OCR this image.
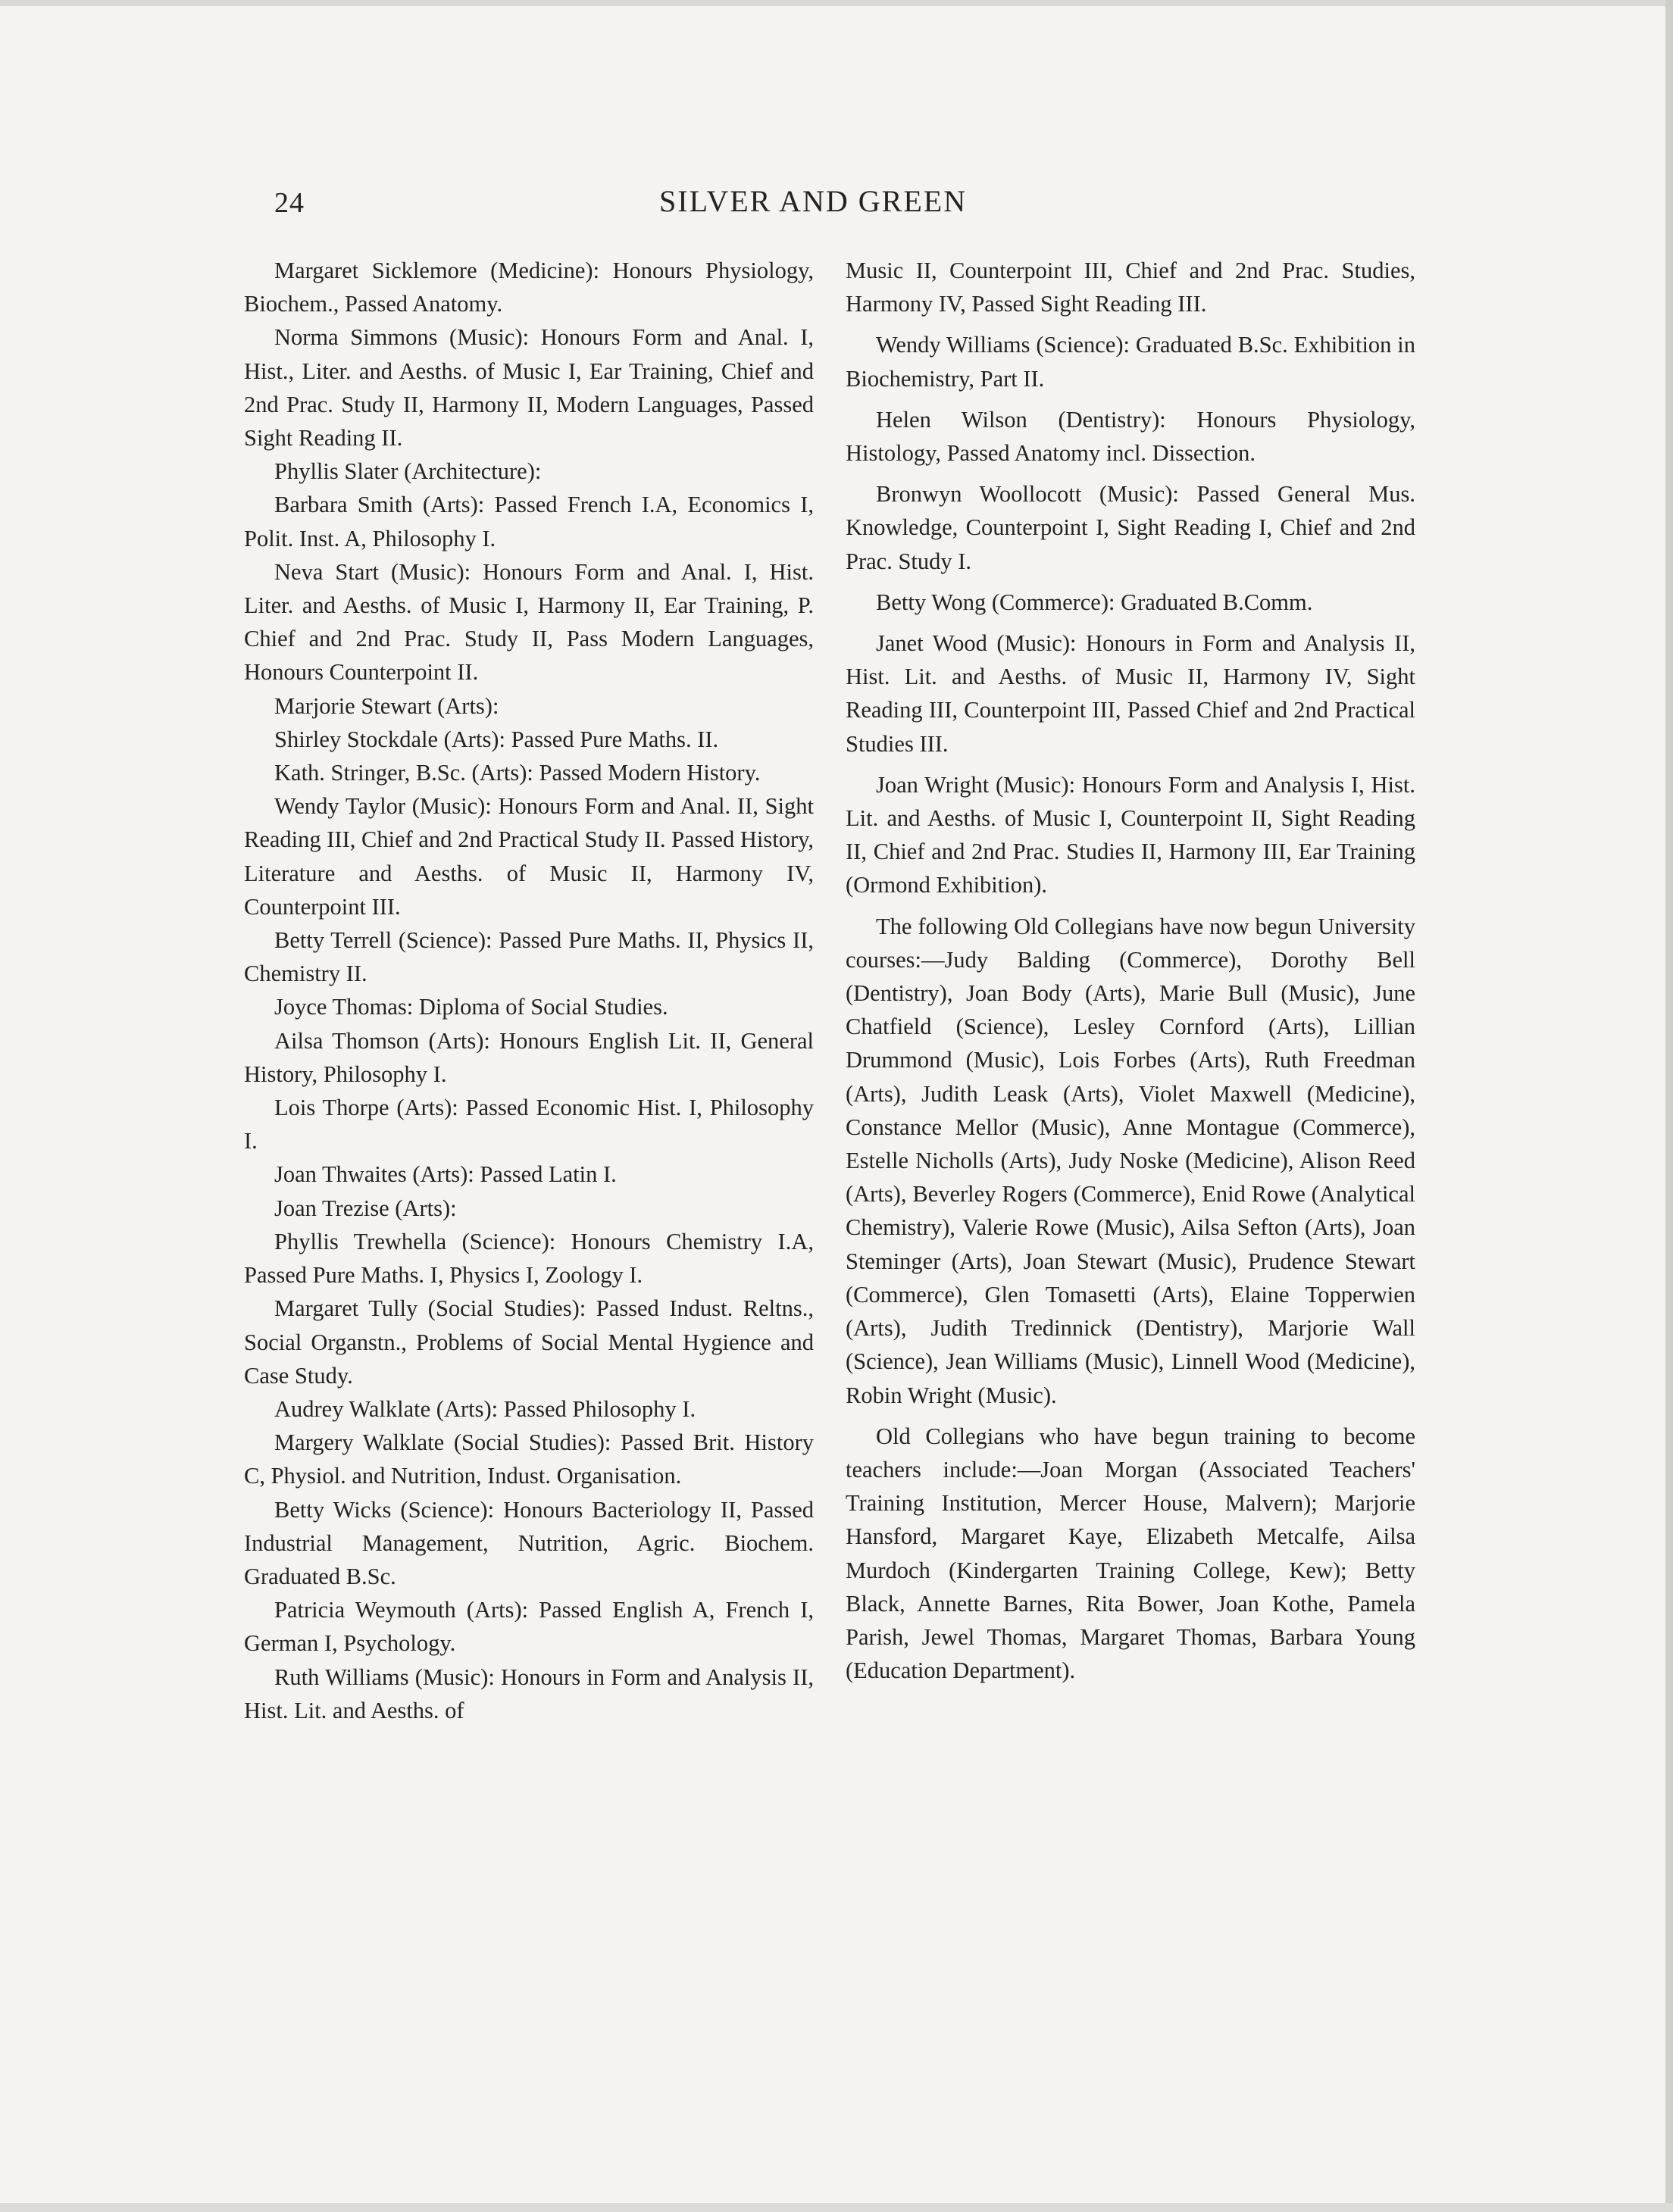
24	SILVER AND GREEN

Margaret Sicklemore (Medicine): Honours Physiology, Biochem., Passed Anatomy.

Norma Simmons (Music): Honours Form and Anal. I, Hist., Liter. and Aesths. of Music I, Ear Training, Chief and 2nd Prac. Study II, Harmony II, Modern Languages, Passed Sight Reading II.

Phyllis Slater (Architecture):

Barbara Smith (Arts): Passed French I.A, Economics I, Polit. Inst. A, Philosophy I.

Neva Start (Music): Honours Form and Anal. I, Hist. Liter. and Aesths. of Music I, Harmony II, Ear Training, P. Chief and 2nd Prac. Study II, Pass Modern Languages, Honours Counterpoint II.

Marjorie Stewart (Arts):

Shirley Stockdale (Arts): Passed Pure Maths. II.

Kath. Stringer, B.Sc. (Arts): Passed Modern History.

Wendy Taylor (Music): Honours Form and Anal. II, Sight Reading III, Chief and 2nd Practical Study II. Passed History, Literature and Aesths. of Music II, Harmony IV, Counterpoint III.

Betty Terrell (Science): Passed Pure Maths. II, Physics II, Chemistry II.

Joyce Thomas: Diploma of Social Studies.

Ailsa Thomson (Arts): Honours English Lit. II, General History, Philosophy I.

Lois Thorpe (Arts): Passed Economic Hist. I, Philosophy I.

Joan Thwaites (Arts): Passed Latin I.

Joan Trezise (Arts):

Phyllis Trewhella (Science): Honours Chemistry I.A, Passed Pure Maths. I, Physics I, Zoology I.

Margaret Tully (Social Studies): Passed Indust. Reltns., Social Organstn., Problems of Social Mental Hygience and Case Study.

Audrey Walklate (Arts): Passed Philosophy I.

Margery Walklate (Social Studies): Passed Brit. History C, Physiol. and Nutrition, Indust. Organisation.

Betty Wicks (Science): Honours Bacteriology II, Passed Industrial Management, Nutrition, Agric. Biochem. Graduated B.Sc.

Patricia Weymouth (Arts): Passed English A, French I, German I, Psychology.

Ruth Williams (Music): Honours in Form and Analysis II, Hist. Lit. and Aesths. of

Music II, Counterpoint III, Chief and 2nd Prac. Studies, Harmony IV, Passed Sight Reading III.

Wendy Williams (Science): Graduated B.Sc. Exhibition in Biochemistry, Part II.

Helen Wilson (Dentistry): Honours Physiology, Histology, Passed Anatomy incl. Dissection.

Bronwyn Woollocott (Music): Passed General Mus. Knowledge, Counterpoint I, Sight Reading I, Chief and 2nd Prac. Study I.

Betty Wong (Commerce): Graduated B.Comm.

Janet Wood (Music): Honours in Form and Analysis II, Hist. Lit. and Aesths. of Music II, Harmony IV, Sight Reading III, Counterpoint III, Passed Chief and 2nd Practical Studies III.

Joan Wright (Music): Honours Form and Analysis I, Hist. Lit. and Aesths. of Music I, Counterpoint II, Sight Reading II, Chief and 2nd Prac. Studies II, Harmony III, Ear Training (Ormond Exhibition).

The following Old Collegians have now begun University courses:—Judy Balding (Commerce), Dorothy Bell (Dentistry), Joan Body (Arts), Marie Bull (Music), June Chatfield (Science), Lesley Cornford (Arts), Lillian Drummond (Music), Lois Forbes (Arts), Ruth Freedman (Arts), Judith Leask (Arts), Violet Maxwell (Medicine), Constance Mellor (Music), Anne Montague (Commerce), Estelle Nicholls (Arts), Judy Noske (Medicine), Alison Reed (Arts), Beverley Rogers (Commerce), Enid Rowe (Analytical Chemistry), Valerie Rowe (Music), Ailsa Sefton (Arts), Joan Steminger (Arts), Joan Stewart (Music), Prudence Stewart (Commerce), Glen Tomasetti (Arts), Elaine Topperwien (Arts), Judith Tredinnick (Dentistry), Marjorie Wall (Science), Jean Williams (Music), Linnell Wood (Medicine), Robin Wright (Music).

Old Collegians who have begun training to become teachers include:—Joan Morgan (Associated Teachers' Training Institution, Mercer House, Malvern); Marjorie Hansford, Margaret Kaye, Elizabeth Metcalfe, Ailsa Murdoch (Kindergarten Training College, Kew); Betty Black, Annette Barnes, Rita Bower, Joan Kothe, Pamela Parish, Jewel Thomas, Margaret Thomas, Barbara Young (Education Department).
